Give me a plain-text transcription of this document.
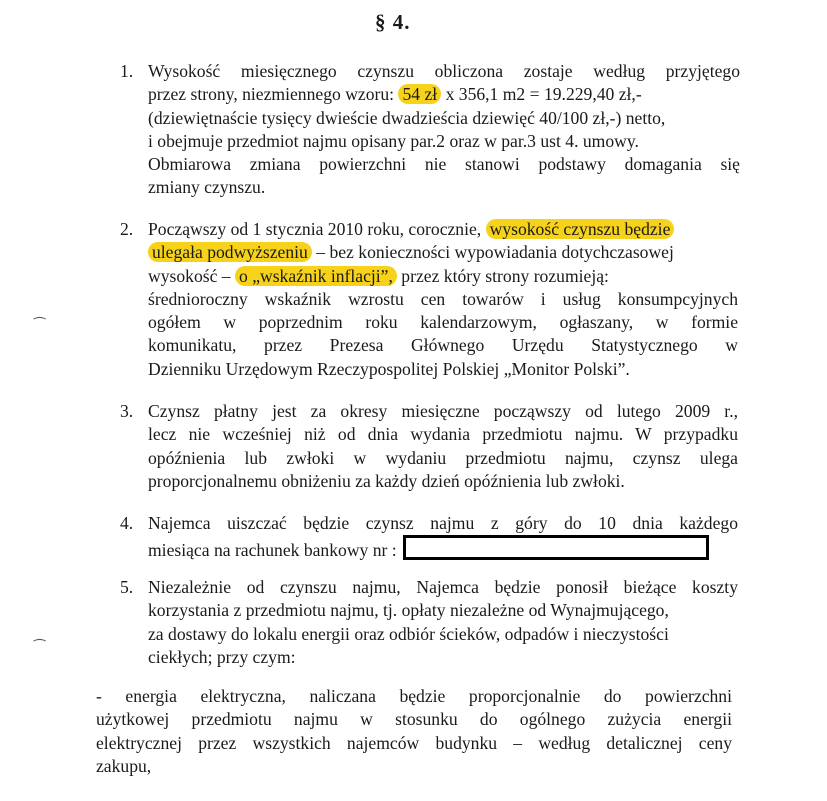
§ 4.
1. Wysokość miesięcznego czynszu obliczona zostaje według przyjętego
przez strony, niezmiennego wzoru: 54 zł x 356,1 m2 = 19.229,40 zł,-
(dziewiętnaście tysięcy dwieście dwadzieścia dziewięć 40/100 zł,-) netto,
i obejmuje przedmiot najmu opisany par.2 oraz w par.3 ust 4. umowy.
Obmiarowa zmiana powierzchni nie stanowi podstawy domagania się
zmiany czynszu.
2. Począwszy od 1 stycznia 2010 roku, corocznie, wysokość czynszu będzie
ulegała podwyższeniu – bez konieczności wypowiadania dotychczasowej
wysokość – o „wskaźnik inflacji”, przez który strony rozumieją:
średnioroczny wskaźnik wzrostu cen towarów i usług konsumpcyjnych
ogółem w poprzednim roku kalendarzowym, ogłaszany, w formie
komunikatu, przez Prezesa Głównego Urzędu Statystycznego w
Dzienniku Urzędowym Rzeczypospolitej Polskiej „Monitor Polski”.
3. Czynsz płatny jest za okresy miesięczne począwszy od lutego 2009 r.,
lecz nie wcześniej niż od dnia wydania przedmiotu najmu. W przypadku
opóźnienia lub zwłoki w wydaniu przedmiotu najmu, czynsz ulega
proporcjonalnemu obniżeniu za każdy dzień opóźnienia lub zwłoki.
4. Najemca uiszczać będzie czynsz najmu z góry do 10 dnia każdego
miesiąca na rachunek bankowy nr :
5. Niezależnie od czynszu najmu, Najemca będzie ponosił bieżące koszty
korzystania z przedmiotu najmu, tj. opłaty niezależne od Wynajmującego,
za dostawy do lokalu energii oraz odbiór ścieków, odpadów i nieczystości
ciekłych; przy czym:
- energia elektryczna, naliczana będzie proporcjonalnie do powierzchni
użytkowej przedmiotu najmu w stosunku do ogólnego zużycia energii
elektrycznej przez wszystkich najemców budynku – według detalicznej ceny
zakupu,
⁀
⁀
